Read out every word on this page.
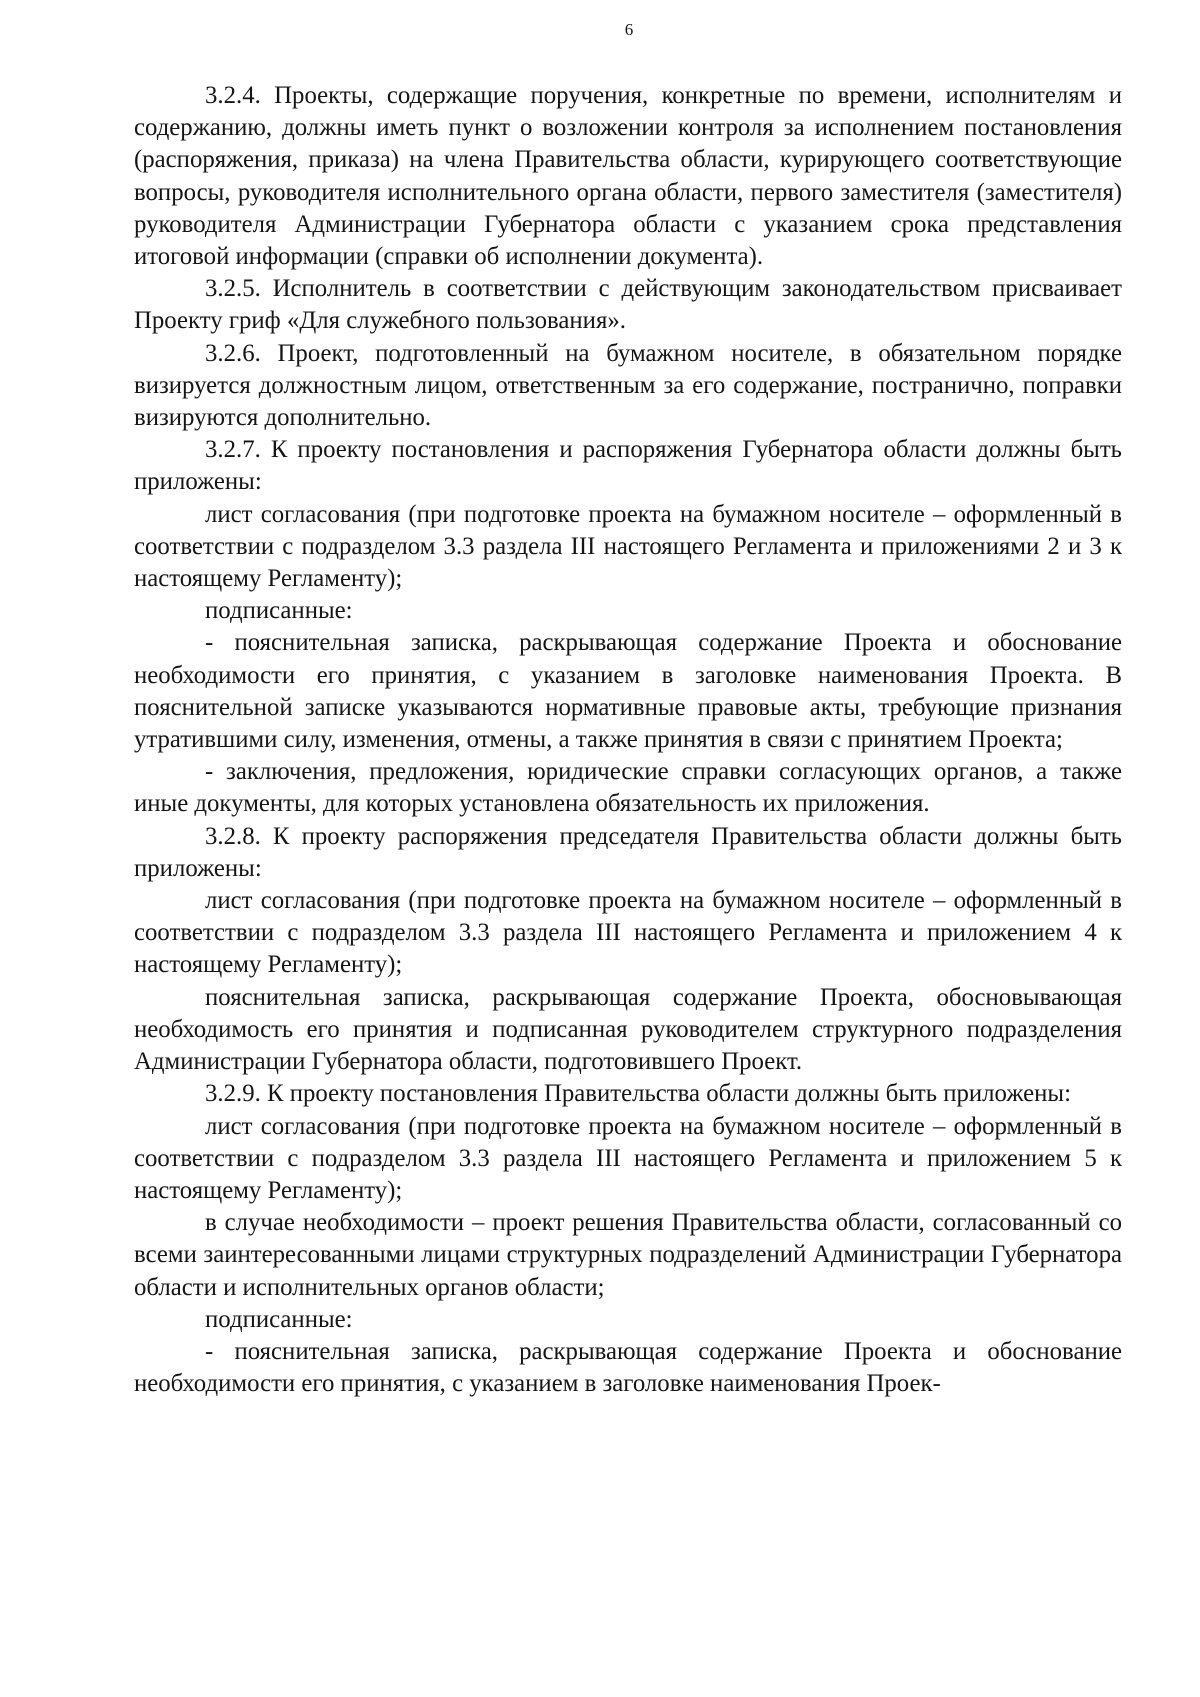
6

3.2.4. Проекты, содержащие поручения, конкретные по времени, исполнителям и содержанию, должны иметь пункт о возложении контроля за исполнением постановления (распоряжения, приказа) на члена Правительства области, курирующего соответствующие вопросы, руководителя исполнительного органа области, первого заместителя (заместителя) руководителя Администрации Губернатора области с указанием срока представления итоговой информации (справки об исполнении документа).

3.2.5. Исполнитель в соответствии с действующим законодательством присваивает Проекту гриф «Для служебного пользования».

3.2.6. Проект, подготовленный на бумажном носителе, в обязательном порядке визируется должностным лицом, ответственным за его содержание, постранично, поправки визируются дополнительно.

3.2.7. К проекту постановления и распоряжения Губернатора области должны быть приложены:

лист согласования (при подготовке проекта на бумажном носителе – оформленный в соответствии с подразделом 3.3 раздела III настоящего Регламента и приложениями 2 и 3 к настоящему Регламенту);

подписанные:

- пояснительная записка, раскрывающая содержание Проекта и обоснование необходимости его принятия, с указанием в заголовке наименования Проекта. В пояснительной записке указываются нормативные правовые акты, требующие признания утратившими силу, изменения, отмены, а также принятия в связи с принятием Проекта;

- заключения, предложения, юридические справки согласующих органов, а также иные документы, для которых установлена обязательность их приложения.

3.2.8. К проекту распоряжения председателя Правительства области должны быть приложены:

лист согласования (при подготовке проекта на бумажном носителе – оформленный в соответствии с подразделом 3.3 раздела III настоящего Регламента и приложением 4 к настоящему Регламенту);

пояснительная записка, раскрывающая содержание Проекта, обосновывающая необходимость его принятия и подписанная руководителем структурного подразделения Администрации Губернатора области, подготовившего Проект.

3.2.9. К проекту постановления Правительства области должны быть приложены:

лист согласования (при подготовке проекта на бумажном носителе – оформленный в соответствии с подразделом 3.3 раздела III настоящего Регламента и приложением 5 к настоящему Регламенту);

в случае необходимости – проект решения Правительства области, согласованный со всеми заинтересованными лицами структурных подразделений Администрации Губернатора области и исполнительных органов области;

подписанные:

- пояснительная записка, раскрывающая содержание Проекта и обоснование необходимости его принятия, с указанием в заголовке наименования Проек-
